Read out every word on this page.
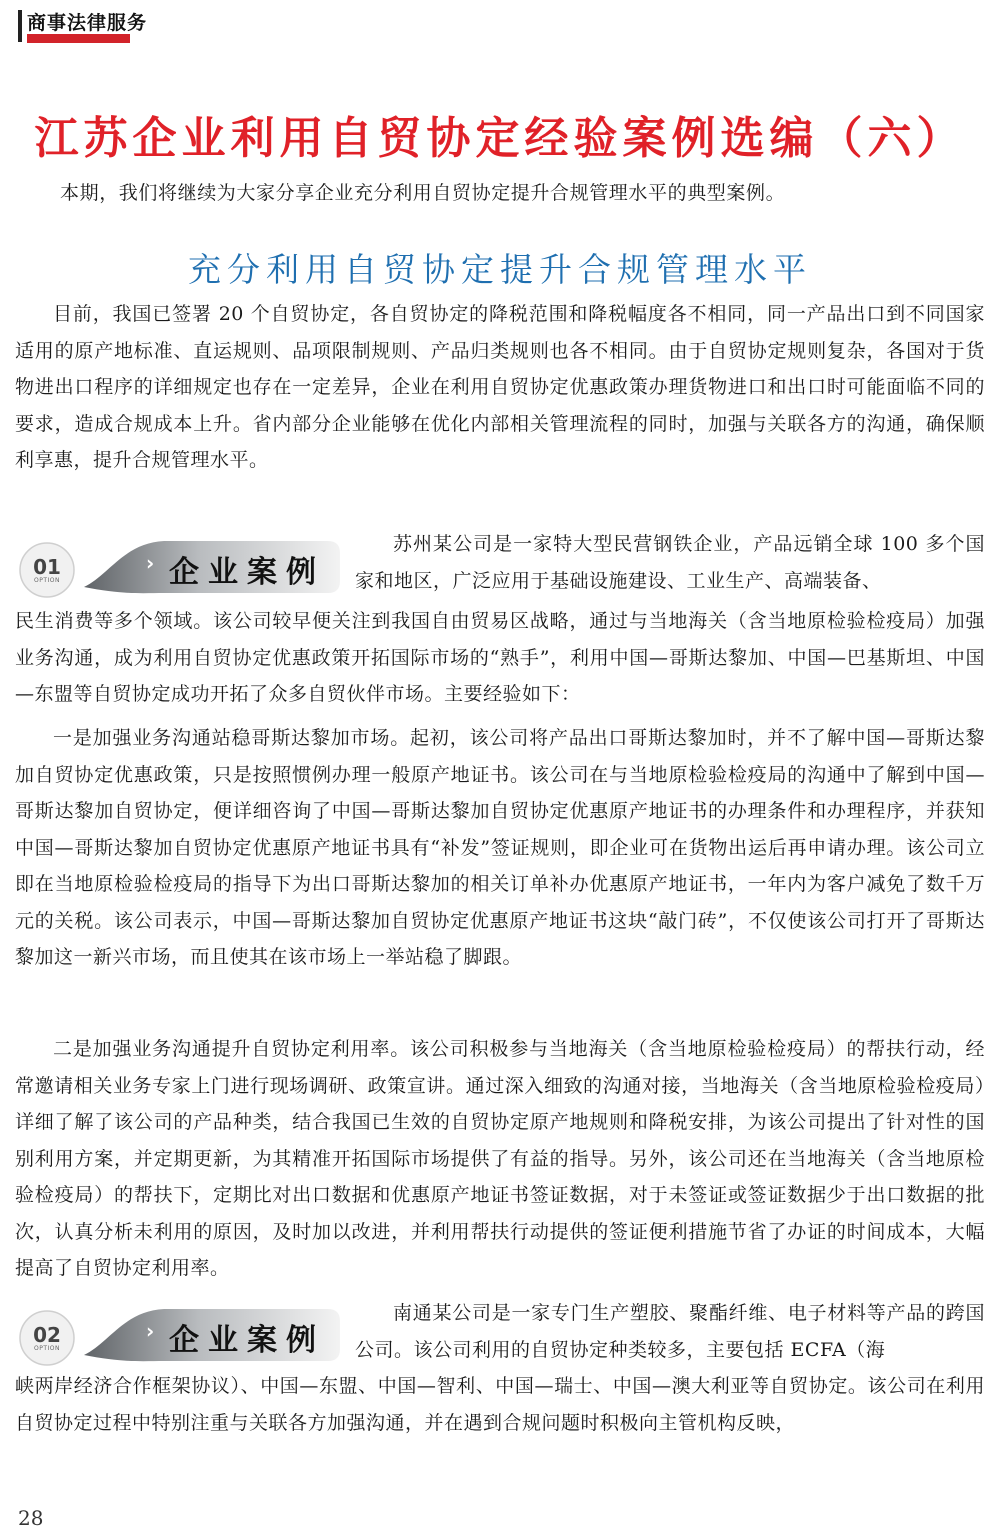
商事法律服务
江苏企业利用自贸协定经验案例选编（六）
本期，我们将继续为大家分享企业充分利用自贸协定提升合规管理水平的典型案例。
充分利用自贸协定提升合规管理水平

目前，我国已签署 20 个自贸协定，各自贸协定的降税范围和降税幅度各不相同，同一产品出口到不同国家适用的原产地标准、直运规则、品项限制规则、产品归类规则也各不相同。由于自贸协定规则复杂，各国对于货物进出口程序的详细规定也存在一定差异，企业在利用自贸协定优惠政策办理货物进口和出口时可能面临不同的要求，造成合规成本上升。省内部分企业能够在优化内部相关管理流程的同时，加强与关联各方的沟通，确保顺利享惠，提升合规管理水平。

›
01
OPTION	企业案例

苏州某公司是一家特大型民营钢铁企业，产品远销全球 100 多个国家和地区，广泛应用于基础设施建设、工业生产、高端装备、

民生消费等多个领域。该公司较早便关注到我国自由贸易区战略，通过与当地海关（含当地原检验检疫局）加强业务沟通，成为利用自贸协定优惠政策开拓国际市场的“熟手”，利用中国—哥斯达黎加、中国—巴基斯坦、中国—东盟等自贸协定成功开拓了众多自贸伙伴市场。主要经验如下：

一是加强业务沟通站稳哥斯达黎加市场。起初，该公司将产品出口哥斯达黎加时，并不了解中国—哥斯达黎加自贸协定优惠政策，只是按照惯例办理一般原产地证书。该公司在与当地原检验检疫局的沟通中了解到中国—哥斯达黎加自贸协定，便详细咨询了中国—哥斯达黎加自贸协定优惠原产地证书的办理条件和办理程序，并获知中国—哥斯达黎加自贸协定优惠原产地证书具有“补发”签证规则，即企业可在货物出运后再申请办理。该公司立即在当地原检验检疫局的指导下为出口哥斯达黎加的相关订单补办优惠原产地证书，一年内为客户减免了数千万元的关税。该公司表示，中国—哥斯达黎加自贸协定优惠原产地证书这块“敲门砖”，不仅使该公司打开了哥斯达黎加这一新兴市场，而且使其在该市场上一举站稳了脚跟。

二是加强业务沟通提升自贸协定利用率。该公司积极参与当地海关（含当地原检验检疫局）的帮扶行动，经常邀请相关业务专家上门进行现场调研、政策宣讲。通过深入细致的沟通对接，当地海关（含当地原检验检疫局）详细了解了该公司的产品种类，结合我国已生效的自贸协定原产地规则和降税安排，为该公司提出了针对性的国别利用方案，并定期更新，为其精准开拓国际市场提供了有益的指导。另外，该公司还在当地海关（含当地原检验检疫局）的帮扶下，定期比对出口数据和优惠原产地证书签证数据，对于未签证或签证数据少于出口数据的批次，认真分析未利用的原因，及时加以改进，并利用帮扶行动提供的签证便利措施节省了办证的时间成本，大幅提高了自贸协定利用率。

›
02
OPTION	企业案例

南通某公司是一家专门生产塑胶、聚酯纤维、电子材料等产品的跨国公司。该公司利用的自贸协定种类较多，主要包括 ECFA（海

峡两岸经济合作框架协议）、中国—东盟、中国—智利、中国—瑞士、中国—澳大利亚等自贸协定。该公司在利用自贸协定过程中特别注重与关联各方加强沟通，并在遇到合规问题时积极向主管机构反映，

28
